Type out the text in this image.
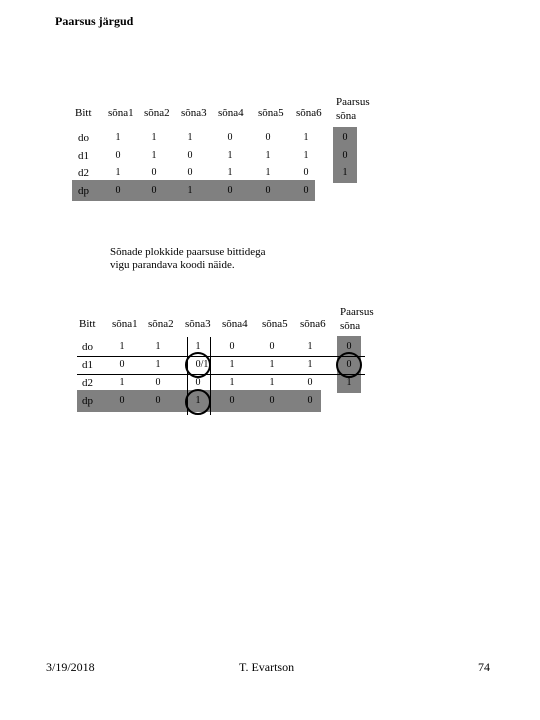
Paarsus järgud
Bitt sõna1 sõna2 sõna3 sõna4 sõna5 sõna6
Paarsus
sõna
do	1	1	1	0	0	1	0
d1	0	1	0	1	1	1	0
d2	1	0	0	1	1	0	1
dp	0	0	1	0	0	0
Sõnade plokkide paarsuse bittidega
vigu parandava koodi näide.
Bitt sõna1 sõna2 sõna3 sõna4 sõna5 sõna6
Paarsus
sõna
do	1	1	1	0	0	1	0
d1	0	1	0/1	1	1	1	0
d2	1	0	0	1	1	0	1
dp	0	0	1	0	0	0
3/19/2018	T. Evartson	74
